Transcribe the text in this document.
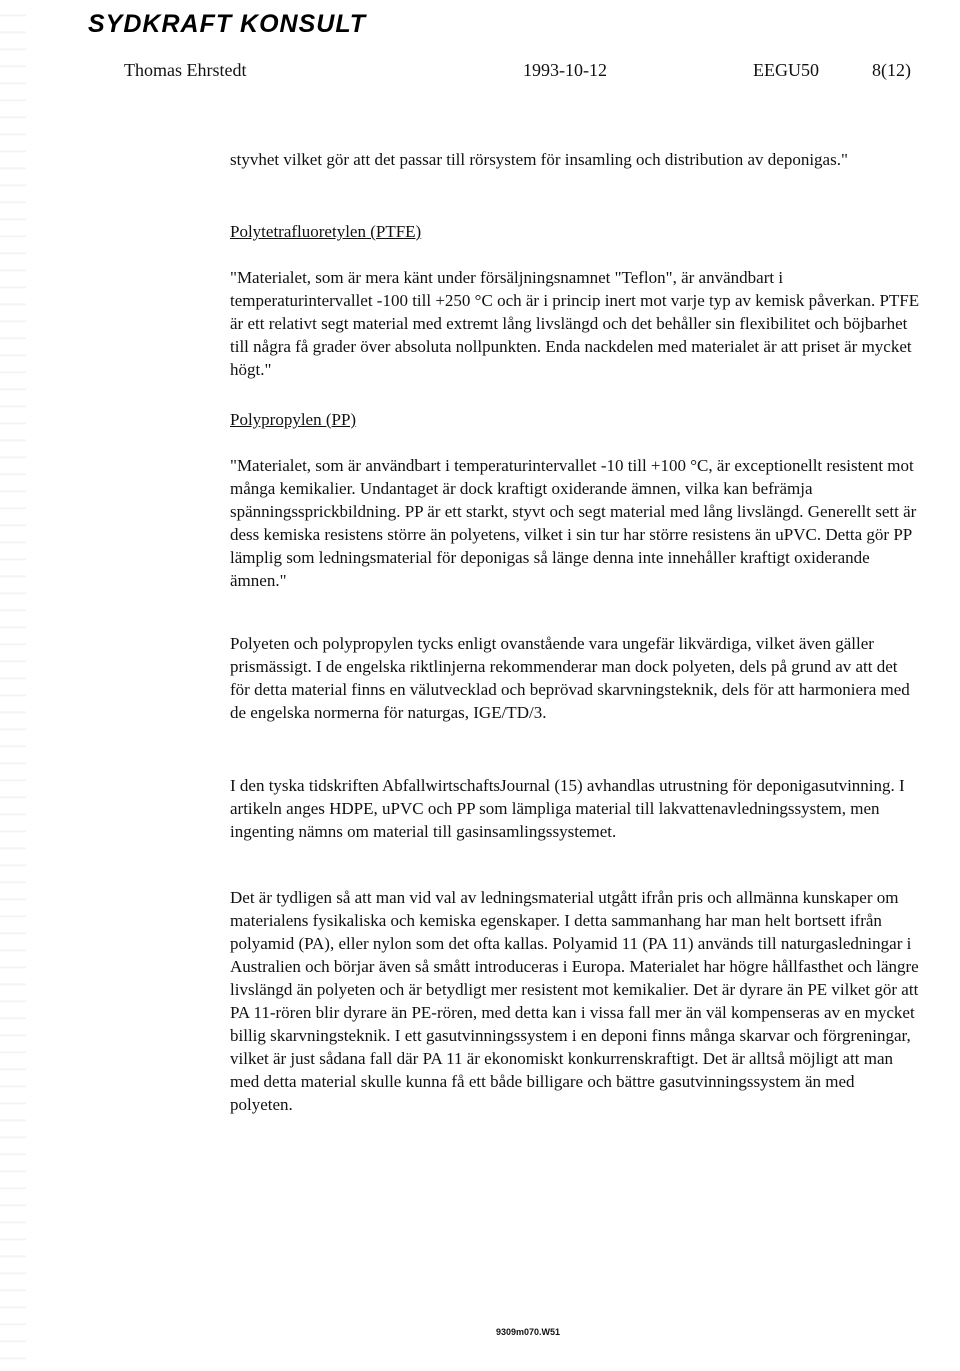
SYDKRAFT KONSULT
Thomas Ehrstedt	1993-10-12	EEGU50	8(12)

styvhet vilket gör att det passar till rörsystem för insamling och distribution av deponigas."

Polytetrafluoretylen (PTFE)

"Materialet, som är mera känt under försäljningsnamnet "Teflon", är användbart i temperaturintervallet -100 till +250 °C och är i princip inert mot varje typ av kemisk påverkan. PTFE är ett relativt segt material med extremt lång livslängd och det behåller sin flexibilitet och böjbarhet till några få grader över absoluta nollpunkten. Enda nackdelen med materialet är att priset är mycket högt."

Polypropylen (PP)

"Materialet, som är användbart i temperaturintervallet -10 till +100 °C, är exceptionellt resistent mot många kemikalier. Undantaget är dock kraftigt oxiderande ämnen, vilka kan befrämja spänningssprickbildning. PP är ett starkt, styvt och segt material med lång livslängd. Generellt sett är dess kemiska resistens större än polyetens, vilket i sin tur har större resistens än uPVC. Detta gör PP lämplig som ledningsmaterial för deponigas så länge denna inte innehåller kraftigt oxiderande ämnen."

Polyeten och polypropylen tycks enligt ovanstående vara ungefär likvärdiga, vilket även gäller prismässigt. I de engelska riktlinjerna rekommenderar man dock polyeten, dels på grund av att det för detta material finns en välutvecklad och beprövad skarvningsteknik, dels för att harmoniera med de engelska normerna för naturgas, IGE/TD/3.

I den tyska tidskriften AbfallwirtschaftsJournal (15) avhandlas utrustning för deponigasutvinning. I artikeln anges HDPE, uPVC och PP som lämpliga material till lakvattenavledningssystem, men ingenting nämns om material till gasinsamlingssystemet.

Det är tydligen så att man vid val av ledningsmaterial utgått ifrån pris och allmänna kunskaper om materialens fysikaliska och kemiska egenskaper. I detta sammanhang har man helt bortsett ifrån polyamid (PA), eller nylon som det ofta kallas. Polyamid 11 (PA 11) används till naturgasledningar i Australien och börjar även så smått introduceras i Europa. Materialet har högre hållfasthet och längre livslängd än polyeten och är betydligt mer resistent mot kemikalier. Det är dyrare än PE vilket gör att PA 11-rören blir dyrare än PE-rören, med detta kan i vissa fall mer än väl kompenseras av en mycket billig skarvningsteknik. I ett gasutvinningssystem i en deponi finns många skarvar och förgreningar, vilket är just sådana fall där PA 11 är ekonomiskt konkurrenskraftigt. Det är alltså möjligt att man med detta material skulle kunna få ett både billigare och bättre gasutvinningssystem än med polyeten.

9309m070.W51
